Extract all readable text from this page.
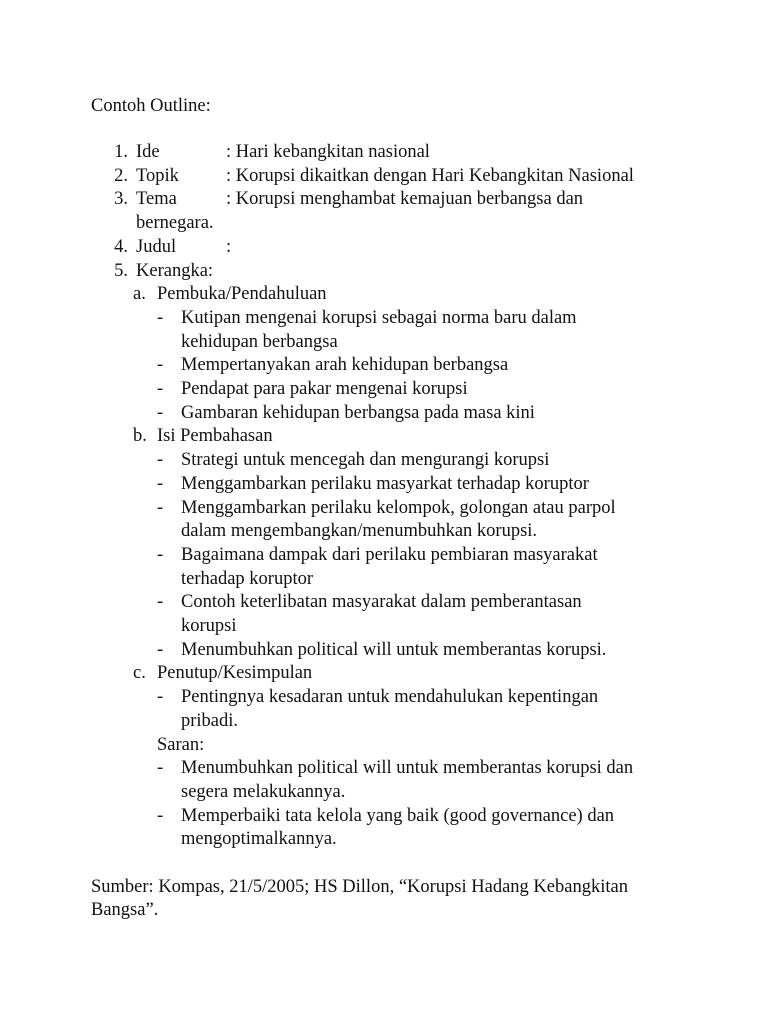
Contoh Outline:
1. Ide	: Hari kebangkitan nasional
2. Topik	: Korupsi dikaitkan dengan Hari Kebangkitan Nasional
3. Tema	: Korupsi menghambat kemajuan berbangsa dan
bernegara.
4. Judul	:
5. Kerangka:
a. Pembuka/Pendahuluan
- Kutipan mengenai korupsi sebagai norma baru dalam
kehidupan berbangsa
- Mempertanyakan arah kehidupan berbangsa
- Pendapat para pakar mengenai korupsi
- Gambaran kehidupan berbangsa pada masa kini
b. Isi Pembahasan
- Strategi untuk mencegah dan mengurangi korupsi
- Menggambarkan perilaku masyarkat terhadap koruptor
- Menggambarkan perilaku kelompok, golongan atau parpol
dalam mengembangkan/menumbuhkan korupsi.
- Bagaimana dampak dari perilaku pembiaran masyarakat
terhadap koruptor
- Contoh keterlibatan masyarakat dalam pemberantasan
korupsi
- Menumbuhkan political will untuk memberantas korupsi.
c. Penutup/Kesimpulan
- Pentingnya kesadaran untuk mendahulukan kepentingan
pribadi.
Saran:
- Menumbuhkan political will untuk memberantas korupsi dan
segera melakukannya.
- Memperbaiki tata kelola yang baik (good governance) dan
mengoptimalkannya.
Sumber: Kompas, 21/5/2005; HS Dillon, “Korupsi Hadang Kebangkitan
Bangsa”.
